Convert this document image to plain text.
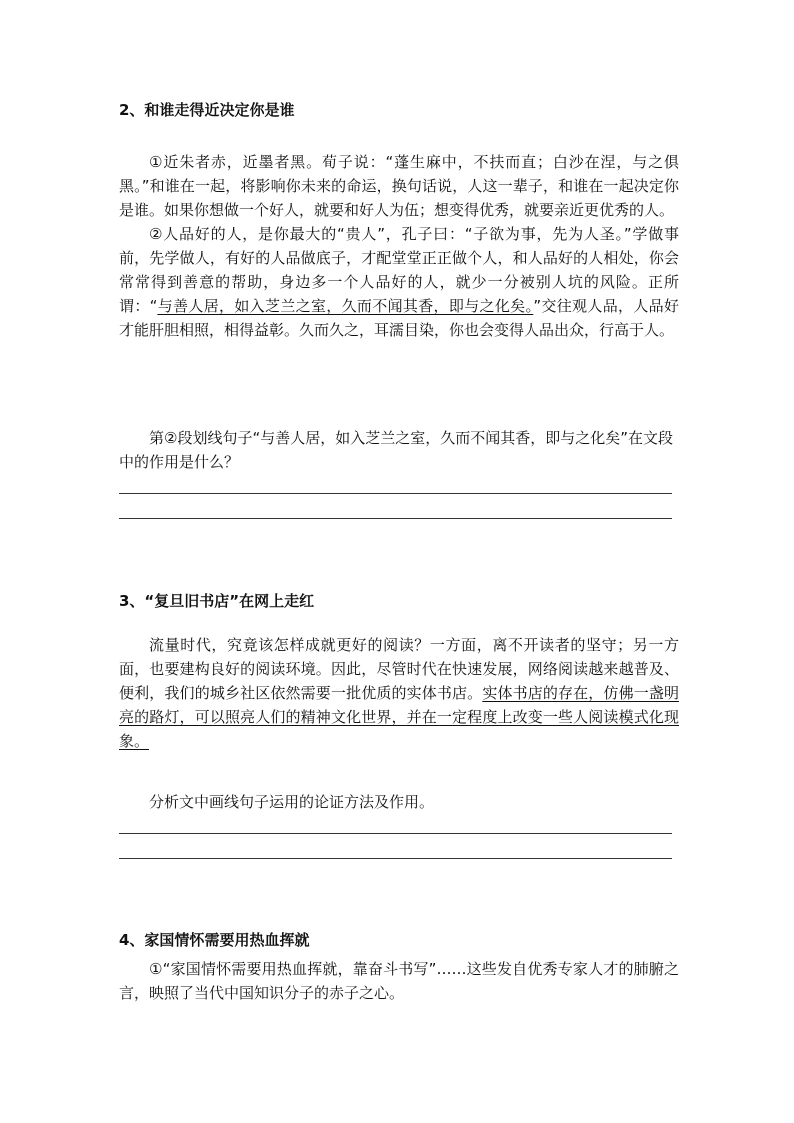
2、和谁走得近决定你是谁
①近朱者赤，近墨者黑。荀子说：“蓬生麻中，不扶而直；白沙在涅，与之俱黑。”和谁在一起，将影响你未来的命运，换句话说，人这一辈子，和谁在一起决定你是谁。如果你想做一个好人，就要和好人为伍；想变得优秀，就要亲近更优秀的人。
②人品好的人，是你最大的“贵人”，孔子曰：“子欲为事，先为人圣。”学做事前，先学做人，有好的人品做底子，才配堂堂正正做个人，和人品好的人相处，你会常常得到善意的帮助，身边多一个人品好的人，就少一分被别人坑的风险。正所谓：“与善人居，如入芝兰之室，久而不闻其香，即与之化矣。”交往观人品，人品好才能肝胆相照，相得益彰。久而久之，耳濡目染，你也会变得人品出众，行高于人。
第②段划线句子“与善人居，如入芝兰之室，久而不闻其香，即与之化矣”在文段中的作用是什么？
3、“复旦旧书店”在网上走红
流量时代，究竟该怎样成就更好的阅读？一方面，离不开读者的坚守；另一方面，也要建构良好的阅读环境。因此，尽管时代在快速发展，网络阅读越来越普及、便利，我们的城乡社区依然需要一批优质的实体书店。实体书店的存在，仿佛一盏明亮的路灯，可以照亮人们的精神文化世界，并在一定程度上改变一些人阅读模式化现象。
分析文中画线句子运用的论证方法及作用。
4、家国情怀需要用热血挥就
①“家国情怀需要用热血挥就，靠奋斗书写”……这些发自优秀专家人才的肺腑之言，映照了当代中国知识分子的赤子之心。
